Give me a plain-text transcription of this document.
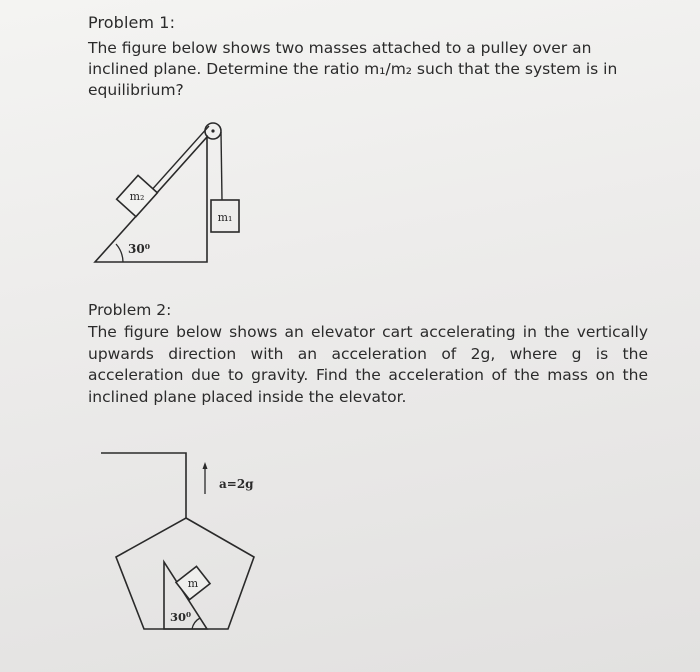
Problem 1:
The figure below shows two masses attached to a pulley over an inclined plane. Determine the ratio m₁/m₂ such that the system is in equilibrium?
m₁
m₂
30⁰
Problem 2:
The figure below shows an elevator cart accelerating in the vertically upwards direction with an acceleration of 2g, where g is the acceleration due to gravity. Find the acceleration of the mass on the inclined plane placed inside the elevator.
m
30⁰
a=2g
